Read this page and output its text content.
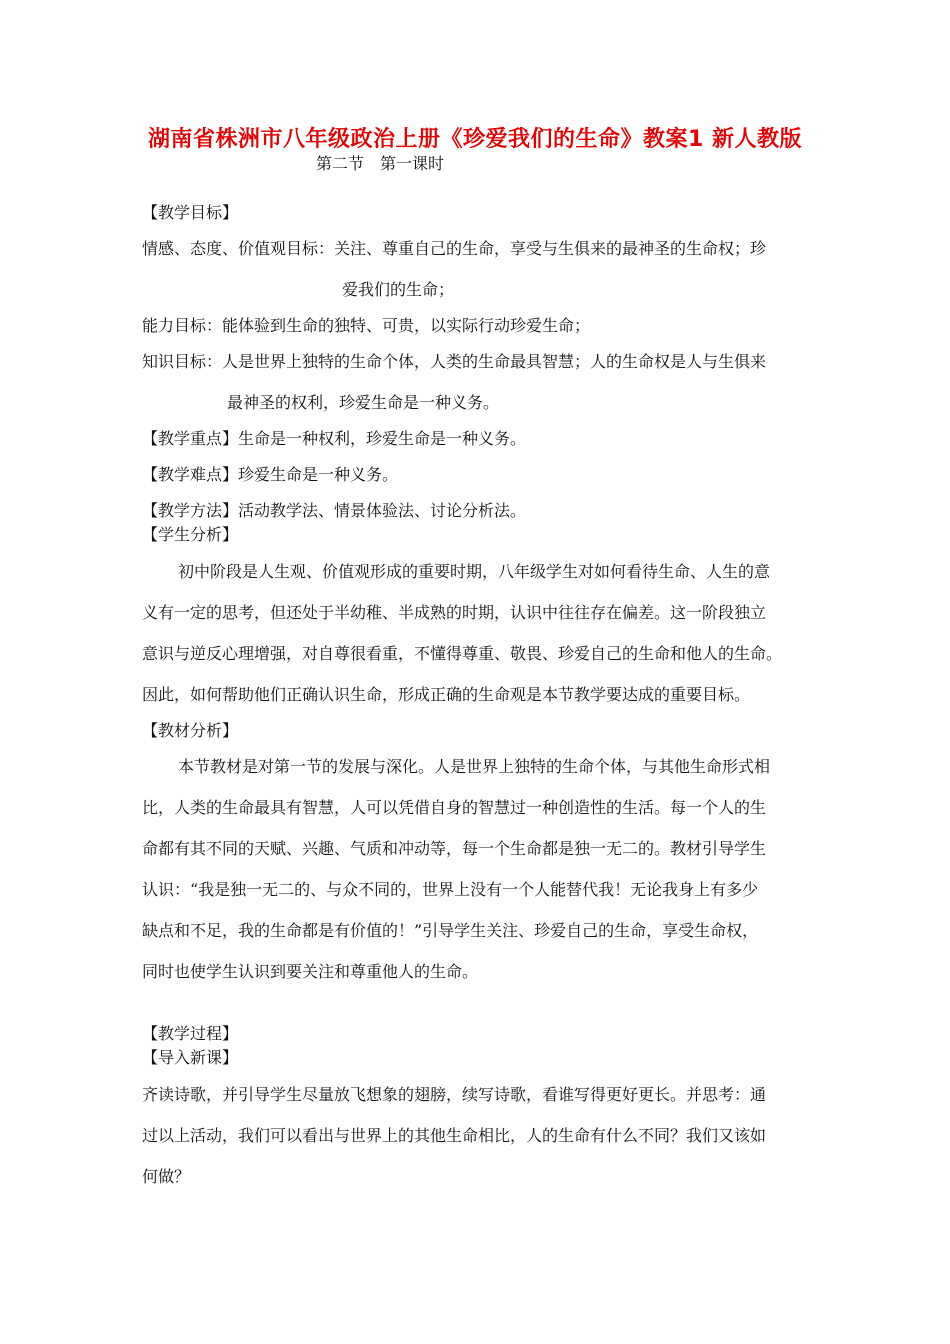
湖南省株洲市八年级政治上册《珍爱我们的生命》教案1 新人教版
第二节　第一课时
【教学目标】
情感、态度、价值观目标：关注、尊重自己的生命，享受与生俱来的最神圣的生命权；珍
爱我们的生命；
能力目标：能体验到生命的独特、可贵，以实际行动珍爱生命；
知识目标：人是世界上独特的生命个体，人类的生命最具智慧；人的生命权是人与生俱来
最神圣的权利，珍爱生命是一种义务。
【教学重点】生命是一种权利，珍爱生命是一种义务。
【教学难点】珍爱生命是一种义务。
【教学方法】活动教学法、情景体验法、讨论分析法。
【学生分析】
初中阶段是人生观、价值观形成的重要时期，八年级学生对如何看待生命、人生的意
义有一定的思考，但还处于半幼稚、半成熟的时期，认识中往往存在偏差。这一阶段独立
意识与逆反心理增强，对自尊很看重，不懂得尊重、敬畏、珍爱自己的生命和他人的生命。
因此，如何帮助他们正确认识生命，形成正确的生命观是本节教学要达成的重要目标。
【教材分析】
本节教材是对第一节的发展与深化。人是世界上独特的生命个体，与其他生命形式相
比，人类的生命最具有智慧，人可以凭借自身的智慧过一种创造性的生活。每一个人的生
命都有其不同的天赋、兴趣、气质和冲动等，每一个生命都是独一无二的。教材引导学生
认识：“我是独一无二的、与众不同的，世界上没有一个人能替代我！无论我身上有多少
缺点和不足，我的生命都是有价值的！”引导学生关注、珍爱自己的生命，享受生命权，
同时也使学生认识到要关注和尊重他人的生命。
【教学过程】
【导入新课】
齐读诗歌，并引导学生尽量放飞想象的翅膀，续写诗歌，看谁写得更好更长。并思考：通
过以上活动，我们可以看出与世界上的其他生命相比，人的生命有什么不同？我们又该如
何做？
